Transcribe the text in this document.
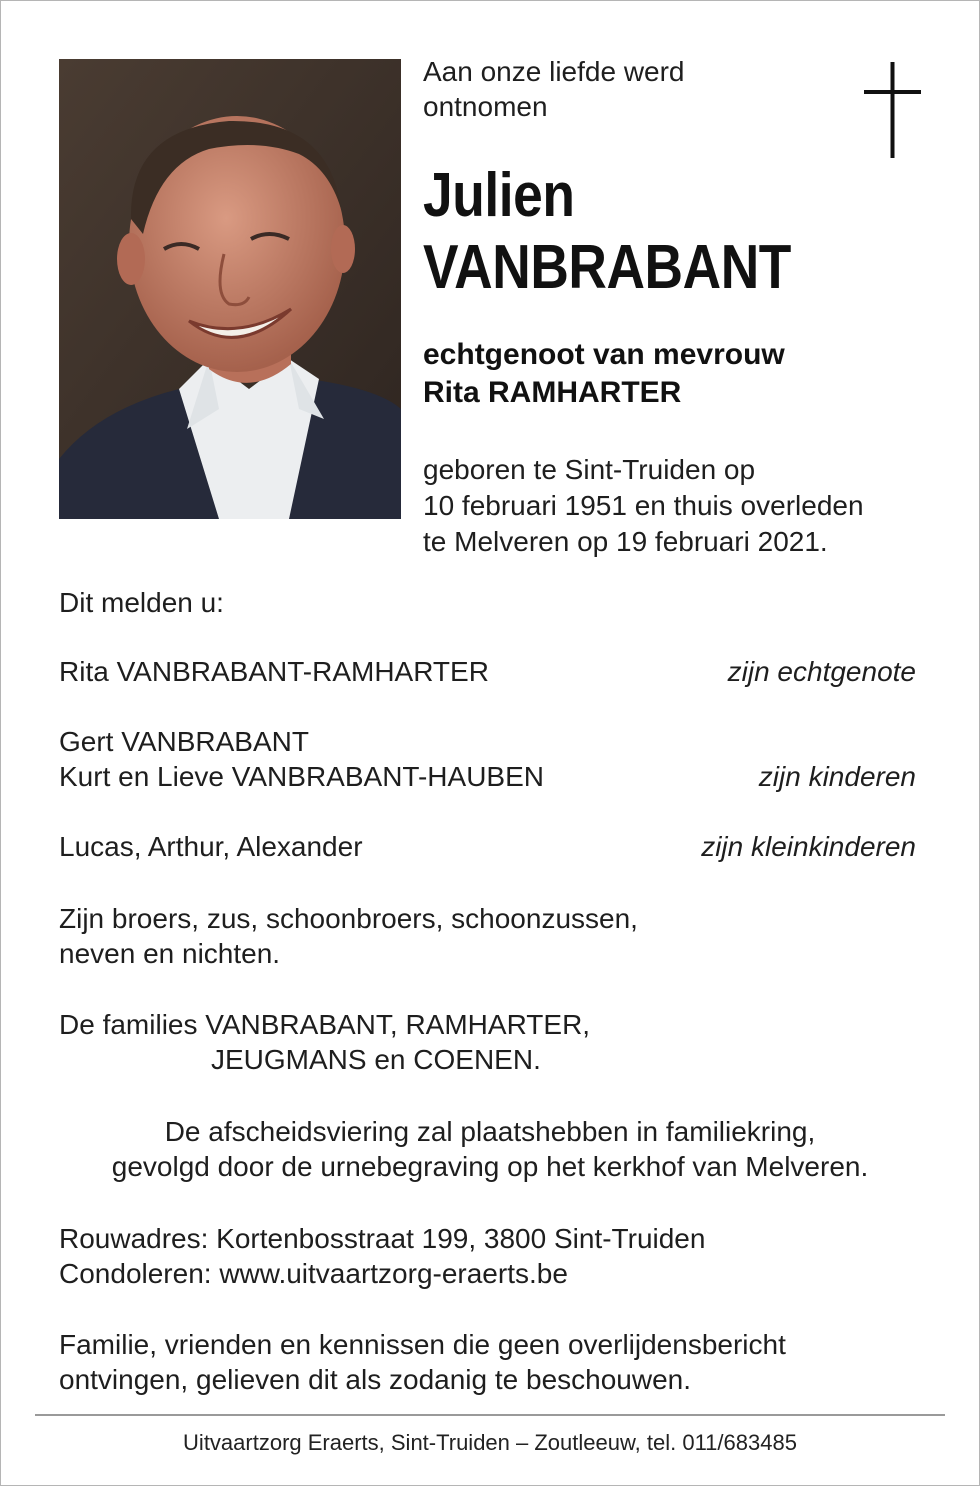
Aan onze liefde werd
ontnomen
Julien
VANBRABANT
echtgenoot van mevrouw
Rita RAMHARTER
geboren te Sint-Truiden op
10 februari 1951 en thuis overleden
te Melveren op 19 februari 2021.
Dit melden u:
Rita VANBRABANT-RAMHARTER	zijn echtgenote
Gert VANBRABANT
Kurt en Lieve VANBRABANT-HAUBEN	zijn kinderen
Lucas, Arthur, Alexander	zijn kleinkinderen
Zijn broers, zus, schoonbroers, schoonzussen,
neven en nichten.
De families VANBRABANT, RAMHARTER,
JEUGMANS en COENEN.
De afscheidsviering zal plaatshebben in familiekring,
gevolgd door de urnebegraving op het kerkhof van Melveren.
Rouwadres: Kortenbosstraat 199, 3800 Sint-Truiden
Condoleren: www.uitvaartzorg-eraerts.be
Familie, vrienden en kennissen die geen overlijdensbericht
ontvingen, gelieven dit als zodanig te beschouwen.
Uitvaartzorg Eraerts, Sint-Truiden – Zoutleeuw, tel. 011/683485
